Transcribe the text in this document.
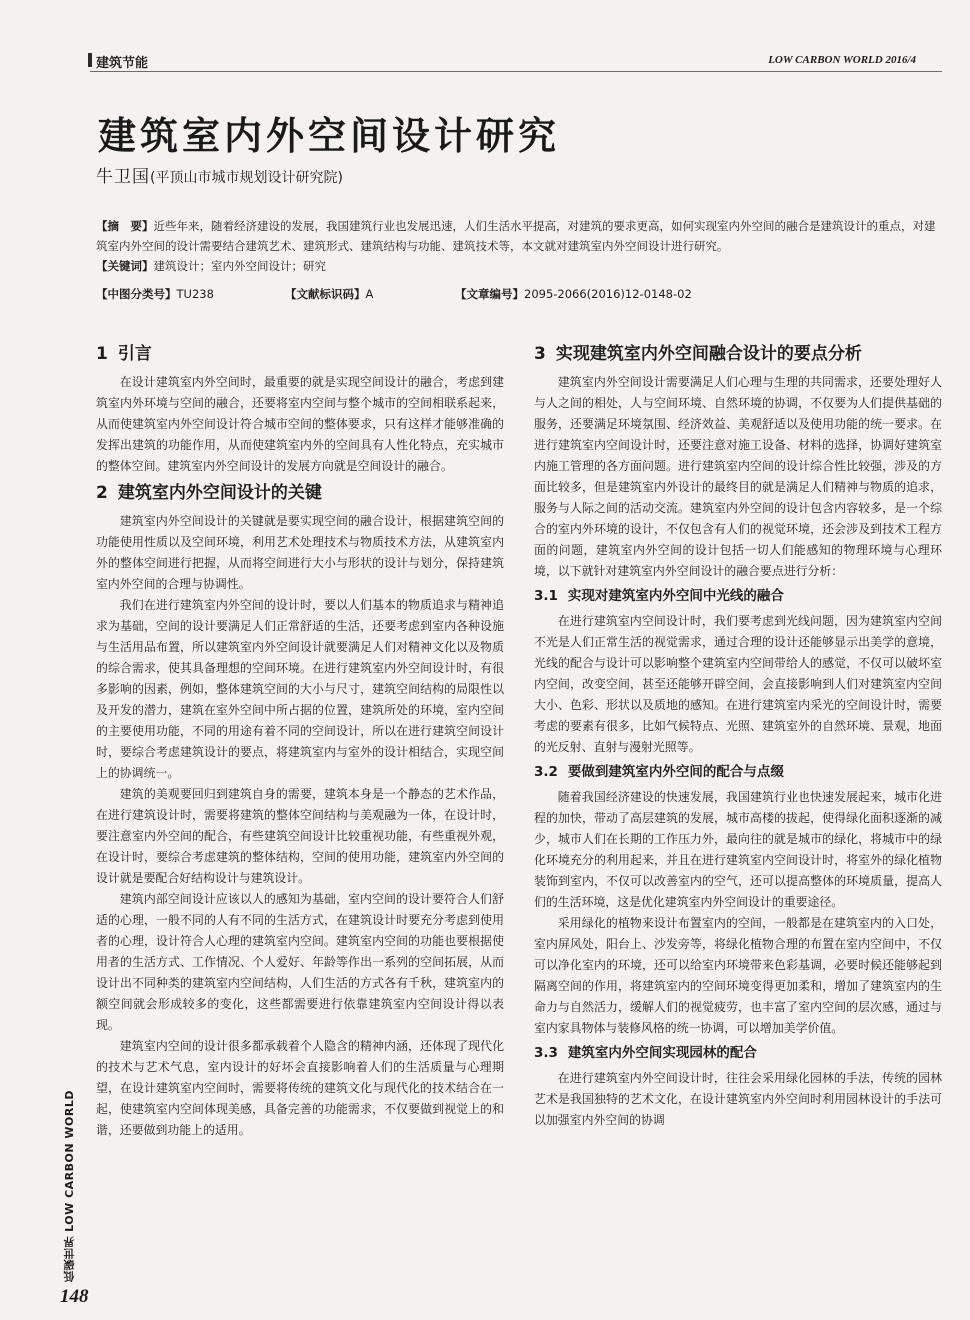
建筑节能	LOW CARBON WORLD 2016/4
建筑室内外空间设计研究
牛卫国(平顶山市城市规划设计研究院)

【摘　要】近些年来，随着经济建设的发展，我国建筑行业也发展迅速，人们生活水平提高，对建筑的要求更高，如何实现室内外空间的融合是建筑设计的重点，对建筑室内外空间的设计需要结合建筑艺术、建筑形式、建筑结构与功能、建筑技术等，本文就对建筑室内外空间设计进行研究。

【关键词】建筑设计；室内外空间设计；研究

【中图分类号】TU238	【文献标识码】A	【文章编号】2095-2066(2016)12-0148-02
1 引言

在设计建筑室内外空间时，最重要的就是实现空间设计的融合，考虑到建筑室内外环境与空间的融合，还要将室内空间与整个城市的空间相联系起来，从而使建筑室内外空间设计符合城市空间的整体要求，只有这样才能够准确的发挥出建筑的功能作用，从而使建筑室内外的空间具有人性化特点，充实城市的整体空间。建筑室内外空间设计的发展方向就是空间设计的融合。

2 建筑室内外空间设计的关键

建筑室内外空间设计的关键就是要实现空间的融合设计，根据建筑空间的功能使用性质以及空间环境，利用艺术处理技术与物质技术方法，从建筑室内外的整体空间进行把握，从而将空间进行大小与形状的设计与划分，保持建筑室内外空间的合理与协调性。

我们在进行建筑室内外空间的设计时，要以人们基本的物质追求与精神追求为基础，空间的设计要满足人们正常舒适的生活，还要考虑到室内各种设施与生活用品布置，所以建筑室内外空间设计就要满足人们对精神文化以及物质的综合需求，使其具备理想的空间环境。在进行建筑室内外空间设计时，有很多影响的因素，例如，整体建筑空间的大小与尺寸，建筑空间结构的局限性以及开发的潜力，建筑在室外空间中所占据的位置，建筑所处的环境，室内空间的主要使用功能，不同的用途有着不同的空间设计，所以在进行建筑空间设计时，要综合考虑建筑设计的要点，将建筑室内与室外的设计相结合，实现空间上的协调统一。

建筑的美观要回归到建筑自身的需要，建筑本身是一个静态的艺术作品，在进行建筑设计时，需要将建筑的整体空间结构与美观融为一体，在设计时，要注意室内外空间的配合，有些建筑空间设计比较重视功能，有些重视外观，在设计时，要综合考虑建筑的整体结构，空间的使用功能，建筑室内外空间的设计就是要配合好结构设计与建筑设计。

建筑内部空间设计应该以人的感知为基础，室内空间的设计要符合人们舒适的心理，一般不同的人有不同的生活方式，在建筑设计时要充分考虑到使用者的心理，设计符合人心理的建筑室内空间。建筑室内空间的功能也要根据使用者的生活方式、工作情况、个人爱好、年龄等作出一系列的空间拓展，从而设计出不同种类的建筑室内空间结构，人们生活的方式各有千秋，建筑室内的额空间就会形成较多的变化，这些都需要进行依靠建筑室内空间设计得以表现。

建筑室内空间的设计很多都承载着个人隐含的精神内涵，还体现了现代化的技术与艺术气息，室内设计的好坏会直接影响着人们的生活质量与心理期望，在设计建筑室内空间时，需要将传统的建筑文化与现代化的技术结合在一起，使建筑室内空间体现美感，具备完善的功能需求，不仅要做到视觉上的和谐，还要做到功能上的适用。

3 实现建筑室内外空间融合设计的要点分析

建筑室内外空间设计需要满足人们心理与生理的共同需求，还要处理好人与人之间的相处，人与空间环境、自然环境的协调，不仅要为人们提供基础的服务，还要满足环境氛围、经济效益、美观舒适以及使用功能的统一要求。在进行建筑室内空间设计时，还要注意对施工设备、材料的选择，协调好建筑室内施工管理的各方面问题。进行建筑室内空间的设计综合性比较强，涉及的方面比较多，但是建筑室内外设计的最终目的就是满足人们精神与物质的追求，服务与人际之间的活动交流。建筑室内外空间的设计包含内容较多，是一个综合的室内外环境的设计，不仅包含有人们的视觉环境，还会涉及到技术工程方面的问题，建筑室内外空间的设计包括一切人们能感知的物理环境与心理环境，以下就针对建筑室内外空间设计的融合要点进行分析：

3.1 实现对建筑室内外空间中光线的融合

在进行建筑室内空间设计时，我们要考虑到光线问题，因为建筑室内空间不光是人们正常生活的视觉需求，通过合理的设计还能够显示出美学的意境，光线的配合与设计可以影响整个建筑室内空间带给人的感觉，不仅可以破坏室内空间，改变空间，甚至还能够开辟空间，会直接影响到人们对建筑室内空间大小、色彩、形状以及质地的感知。在进行建筑室内采光的空间设计时，需要考虑的要素有很多，比如气候特点、光照、建筑室外的自然环境、景观，地面的光反射、直射与漫射光照等。

3.2 要做到建筑室内外空间的配合与点缀

随着我国经济建设的快速发展，我国建筑行业也快速发展起来，城市化进程的加快，带动了高层建筑的发展，城市高楼的拔起，使得绿化面积逐渐的减少，城市人们在长期的工作压力外，最向往的就是城市的绿化，将城市中的绿化环境充分的利用起来，并且在进行建筑室内空间设计时，将室外的绿化植物装饰到室内，不仅可以改善室内的空气，还可以提高整体的环境质量，提高人们的生活环境，这是优化建筑室内外空间设计的重要途径。

采用绿化的植物来设计布置室内的空间，一般都是在建筑室内的入口处，室内屏风处，阳台上、沙发旁等，将绿化植物合理的布置在室内空间中，不仅可以净化室内的环境，还可以给室内环境带来色彩基调，必要时候还能够起到隔离空间的作用，将建筑室内的空间环境变得更加柔和，增加了建筑室内的生命力与自然活力，缓解人们的视觉疲劳，也丰富了室内空间的层次感，通过与室内家具物体与装修风格的统一协调，可以增加美学价值。

3.3 建筑室内外空间实现园林的配合

在进行建筑室内外空间设计时，往往会采用绿化园林的手法，传统的园林艺术是我国独特的艺术文化，在设计建筑室内外空间时利用园林设计的手法可以加强室内外空间的协调

低碳世界 LOW CARBON WORLD
148
